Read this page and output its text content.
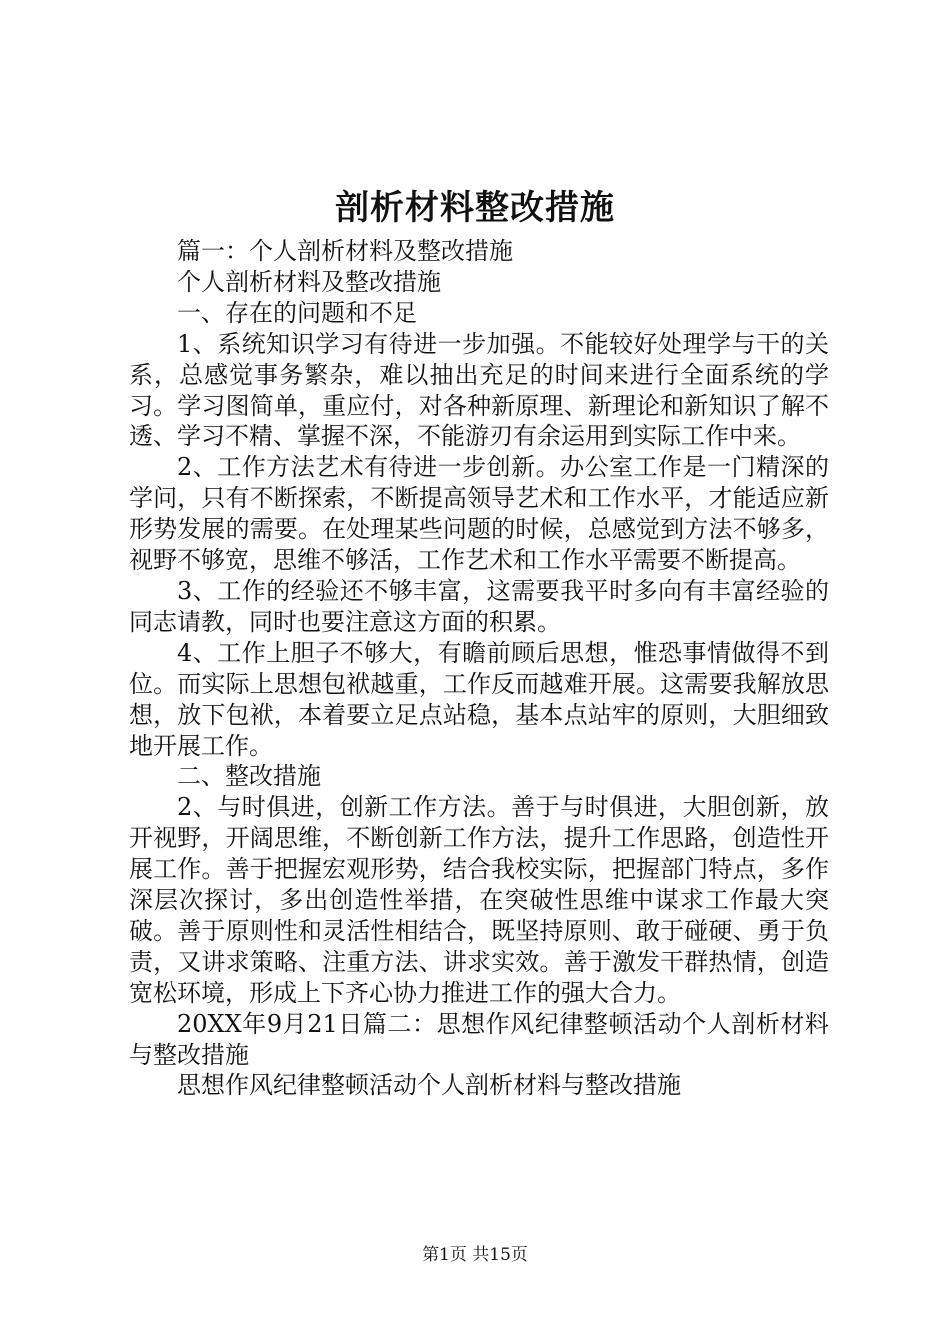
剖析材料整改措施

篇一：个人剖析材料及整改措施

个人剖析材料及整改措施

一、存在的问题和不足

1、系统知识学习有待进一步加强。不能较好处理学与干的关系，总感觉事务繁杂，难以抽出充足的时间来进行全面系统的学习。学习图简单，重应付，对各种新原理、新理论和新知识了解不透、学习不精、掌握不深，不能游刃有余运用到实际工作中来。

2、工作方法艺术有待进一步创新。办公室工作是一门精深的学问，只有不断探索，不断提高领导艺术和工作水平，才能适应新形势发展的需要。在处理某些问题的时候，总感觉到方法不够多，视野不够宽，思维不够活，工作艺术和工作水平需要不断提高。

3、工作的经验还不够丰富，这需要我平时多向有丰富经验的同志请教，同时也要注意这方面的积累。

4、工作上胆子不够大，有瞻前顾后思想，惟恐事情做得不到位。而实际上思想包袱越重，工作反而越难开展。这需要我解放思想，放下包袱，本着要立足点站稳，基本点站牢的原则，大胆细致地开展工作。

二、整改措施

2、与时俱进，创新工作方法。善于与时俱进，大胆创新，放开视野，开阔思维，不断创新工作方法，提升工作思路，创造性开展工作。善于把握宏观形势，结合我校实际，把握部门特点，多作深层次探讨，多出创造性举措，在突破性思维中谋求工作最大突破。善于原则性和灵活性相结合，既坚持原则、敢于碰硬、勇于负责，又讲求策略、注重方法、讲求实效。善于激发干群热情，创造宽松环境，形成上下齐心协力推进工作的强大合力。

20XX年9月21日篇二：思想作风纪律整顿活动个人剖析材料与整改措施

思想作风纪律整顿活动个人剖析材料与整改措施

第1页 共15页
